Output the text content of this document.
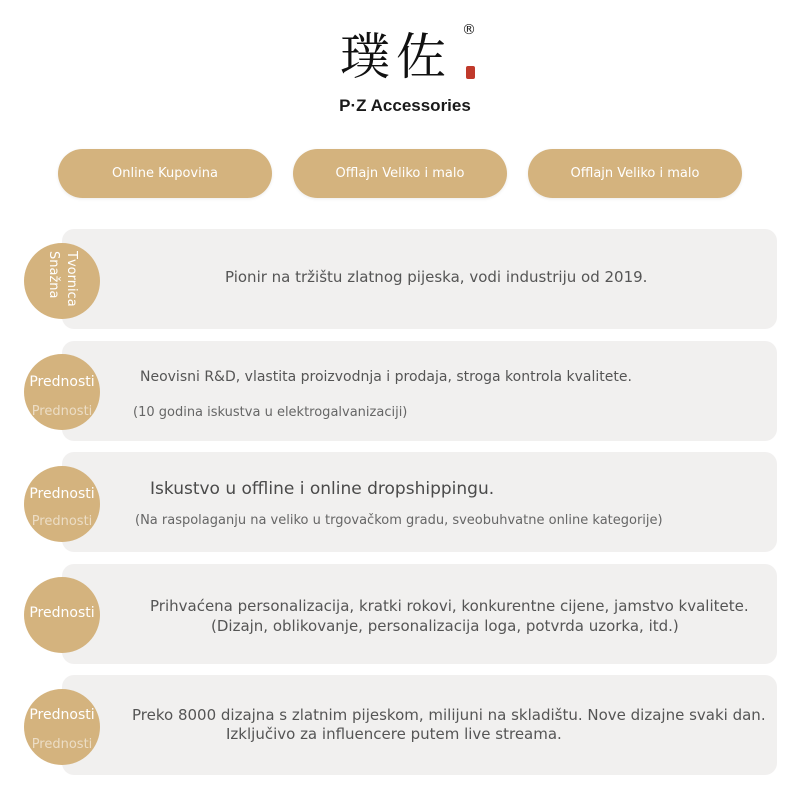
璞佐 ®
P·Z Accessories
Online Kupovina	Offlajn Veliko i malo	Offlajn Veliko i malo
Snažna Tvornica	Pionir na tržištu zlatnog pijeska, vodi industriju od 2019.
Prednosti
Prednosti
Neovisni R&D, vlastita proizvodnja i prodaja, stroga kontrola kvalitete.
(10 godina iskustva u elektrogalvanizaciji)
Prednosti
Prednosti
Iskustvo u offline i online dropshippingu.
(Na raspolaganju na veliko u trgovačkom gradu, sveobuhvatne online kategorije)
Prednosti	Prihvaćena personalizacija, kratki rokovi, konkurentne cijene, jamstvo kvalitete.
(Dizajn, oblikovanje, personalizacija loga, potvrda uzorka, itd.)
Prednosti
Prednosti
Preko 8000 dizajna s zlatnim pijeskom, milijuni na skladištu. Nove dizajne svaki dan.
Izključivo za influencere putem live streama.
